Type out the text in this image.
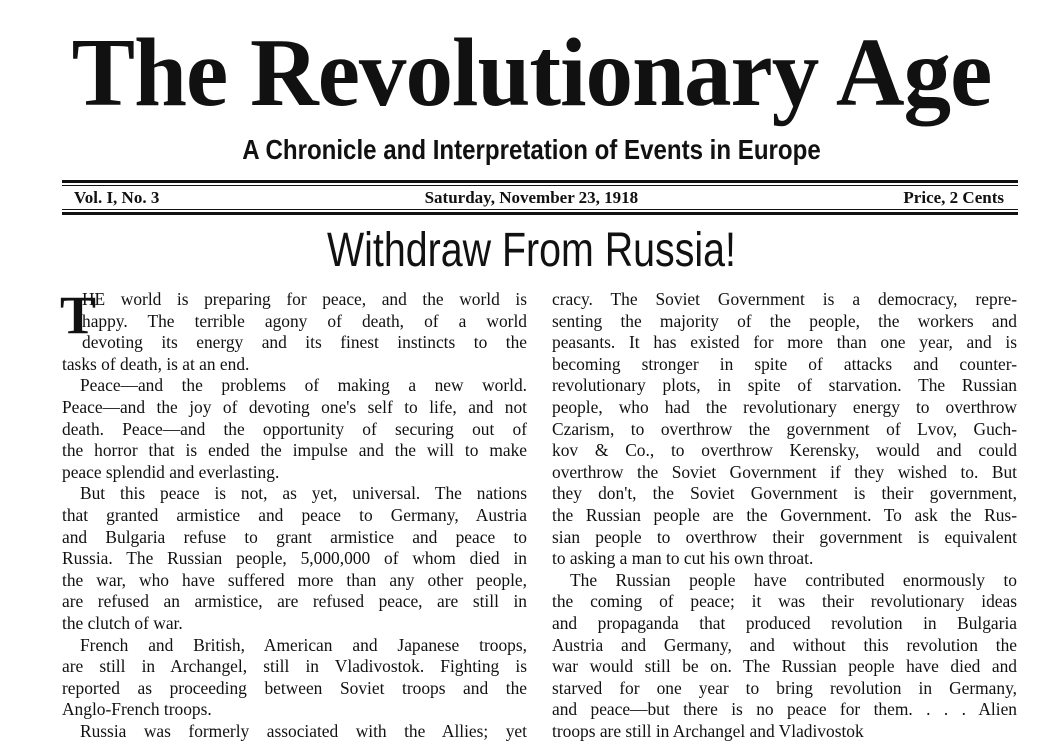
The Revolutionary Age
A Chronicle and Interpretation of Events in Europe
Vol. I, No. 3	Saturday, November 23, 1918	Price, 2 Cents
Withdraw From Russia!
T
HE world is preparing for peace, and the world is
happy. The terrible agony of death, of a world
devoting its energy and its finest instincts to the
tasks of death, is at an end.
Peace—and the problems of making a new world.
Peace—and the joy of devoting one's self to life, and not
death. Peace—and the opportunity of securing out of
the horror that is ended the impulse and the will to make
peace splendid and everlasting.
But this peace is not, as yet, universal. The nations
that granted armistice and peace to Germany, Austria
and Bulgaria refuse to grant armistice and peace to
Russia. The Russian people, 5,000,000 of whom died in
the war, who have suffered more than any other people,
are refused an armistice, are refused peace, are still in
the clutch of war.
French and British, American and Japanese troops,
are still in Archangel, still in Vladivostok. Fighting is
reported as proceeding between Soviet troops and the
Anglo-French troops.
Russia was formerly associated with the Allies; yet
cracy. The Soviet Government is a democracy, repre-
senting the majority of the people, the workers and
peasants. It has existed for more than one year, and is
becoming stronger in spite of attacks and counter-
revolutionary plots, in spite of starvation. The Russian
people, who had the revolutionary energy to overthrow
Czarism, to overthrow the government of Lvov, Guch-
kov & Co., to overthrow Kerensky, would and could
overthrow the Soviet Government if they wished to. But
they don't, the Soviet Government is their government,
the Russian people are the Government. To ask the Rus-
sian people to overthrow their government is equivalent
to asking a man to cut his own throat.
The Russian people have contributed enormously to
the coming of peace; it was their revolutionary ideas
and propaganda that produced revolution in Bulgaria
Austria and Germany, and without this revolution the
war would still be on. The Russian people have died and
starved for one year to bring revolution in Germany,
and peace—but there is no peace for them. . . . Alien
troops are still in Archangel and Vladivostok
